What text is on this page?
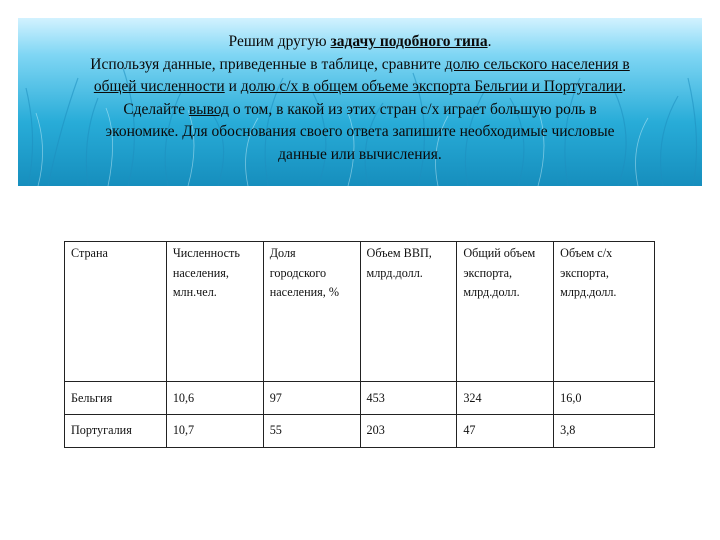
Решим другую задачу подобного типа.
Используя данные, приведенные в таблице, сравните долю сельского населения в
общей численности и долю с/х в общем объеме экспорта Бельгии и Португалии.
Сделайте вывод о том, в какой из этих стран с/х играет большую роль в
экономике. Для обоснования своего ответа запишите необходимые числовые
данные или вычисления.
Страна	Численность населения, млн.чел.	Доля городского населения, %	Объем ВВП, млрд.долл.	Общий объем экспорта, млрд.долл.	Объем с/х экспорта, млрд.долл.
Бельгия	10,6	97	453	324	16,0
Португалия	10,7	55	203	47	3,8
